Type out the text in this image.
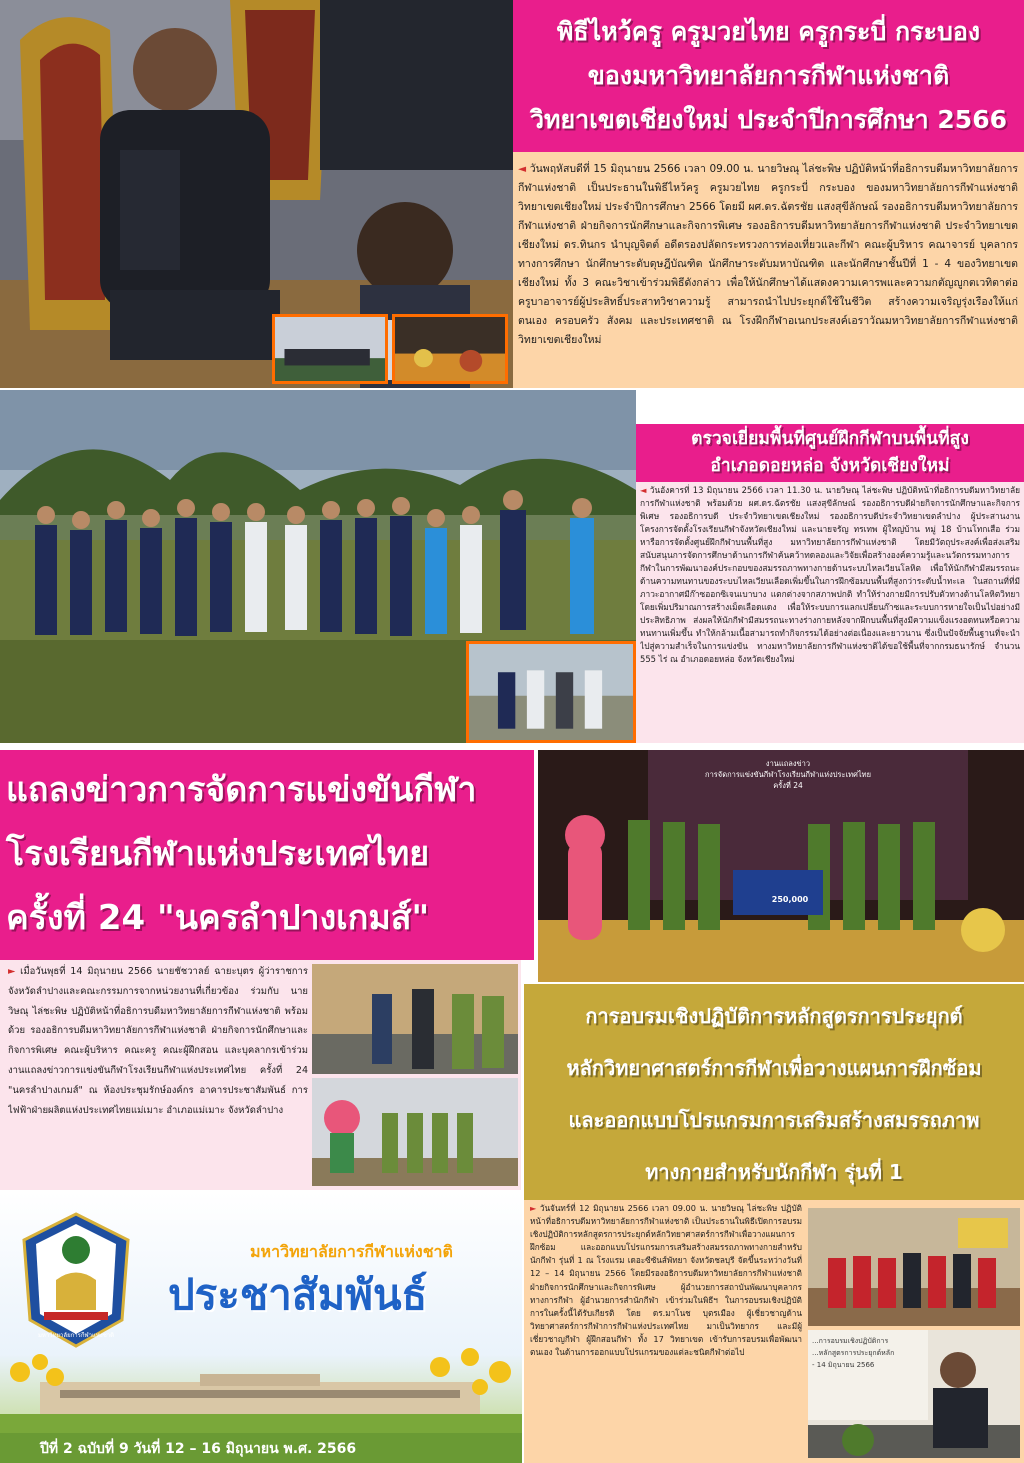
พิธีไหว้ครู ครูมวยไทย ครูกระบี่ กระบอง
ของมหาวิทยาลัยการกีฬาแห่งชาติ
วิทยาเขตเชียงใหม่ ประจำปีการศึกษา 2566
◄ วันพฤหัสบดีที่ 15 มิถุนายน 2566 เวลา 09.00 น. นายวิษณุ ไล่ชะพิษ ปฏิบัติหน้าที่อธิการบดีมหาวิทยาลัยการกีฬาแห่งชาติ เป็นประธานในพิธีไหว้ครู ครูมวยไทย ครูกระบี่ กระบอง ของมหาวิทยาลัยการกีฬาแห่งชาติ วิทยาเขตเชียงใหม่ ประจำปีการศึกษา 2566 โดยมี ผศ.ดร.ฉัตรชัย แสงสุขีลักษณ์ รองอธิการบดีมหาวิทยาลัยการกีฬาแห่งชาติ ฝ่ายกิจการนักศึกษาและกิจการพิเศษ รองอธิการบดีมหาวิทยาลัยการกีฬาแห่งชาติ ประจำวิทยาเขตเชียงใหม่ ดร.ทินกร นำบุญจิตต์ อดีตรองปลัดกระทรวงการท่องเที่ยวและกีฬา คณะผู้บริหาร คณาจารย์ บุคลากรทางการศึกษา นักศึกษาระดับดุษฎีบัณฑิต นักศึกษาระดับมหาบัณฑิต และนักศึกษาชั้นปีที่ 1 - 4 ของวิทยาเขตเชียงใหม่ ทั้ง 3 คณะวิชาเข้าร่วมพิธีดังกล่าว เพื่อให้นักศึกษาได้แสดงความเคารพและความกตัญญูกตเวทิตาต่อครูบาอาจารย์ผู้ประสิทธิ์ประสาทวิชาความรู้ สามารถนำไปประยุกต์ใช้ในชีวิต สร้างความเจริญรุ่งเรืองให้แก่ตนเอง ครอบครัว สังคม และประเทศชาติ ณ โรงฝึกกีฬาอเนกประสงค์เอราวัณมหาวิทยาลัยการกีฬาแห่งชาติ วิทยาเขตเชียงใหม่
ตรวจเยี่ยมพื้นที่ศูนย์ฝึกกีฬาบนพื้นที่สูง
อำเภอดอยหล่อ จังหวัดเชียงใหม่
◄ วันอังคารที่ 13 มิถุนายน 2566 เวลา 11.30 น. นายวิษณุ ไล่ชะพิษ ปฏิบัติหน้าที่อธิการบดีมหาวิทยาลัยการกีฬาแห่งชาติ พร้อมด้วย ผศ.ดร.ฉัตรชัย แสงสุขีลักษณ์ รองอธิการบดีฝ่ายกิจการนักศึกษาและกิจการพิเศษ รองอธิการบดี ประจำวิทยาเขตเชียงใหม่ รองอธิการบดีประจำวิทยาเขตลำปาง ผู้ประสานงานโครงการจัดตั้งโรงเรียนกีฬาจังหวัดเชียงใหม่ และนายจรัญ ทรเทพ ผู้ใหญ่บ้าน หมู่ 18 บ้านโทกเสือ ร่วมหารือการจัดตั้งศูนย์ฝึกกีฬาบนพื้นที่สูง มหาวิทยาลัยการกีฬาแห่งชาติ โดยมีวัตถุประสงค์เพื่อส่งเสริมสนับสนุนการจัดการศึกษาด้านการกีฬาค้นคว้าทดลองและวิจัยเพื่อสร้างองค์ความรู้และนวัตกรรมทางการกีฬาในการพัฒนาองค์ประกอบของสมรรถภาพทางกายด้านระบบไหลเวียนโลหิต เพื่อให้นักกีฬามีสมรรถนะด้านความทนทานของระบบไหลเวียนเลือดเพิ่มขึ้นในการฝึกซ้อมบนพื้นที่สูงกว่าระดับน้ำทะเล ในสถานที่ที่มีภาวะอากาศมีก๊าซออกซิเจนเบาบาง แตกต่างจากสภาพปกติ ทำให้ร่างกายมีการปรับตัวทางด้านโลหิตวิทยาโดยเพิ่มปริมาณการสร้างเม็ดเลือดแดง เพื่อให้ระบบการแลกเปลี่ยนก๊าซและระบบการหายใจเป็นไปอย่างมีประสิทธิภาพ ส่งผลให้นักกีฬามีสมรรถนะทางร่างกายหลังจากฝึกบนพื้นที่สูงมีความแข็งแรงอดทนหรือความทนทานเพิ่มขึ้น ทำให้กล้ามเนื้อสามารถทำกิจกรรมได้อย่างต่อเนื่องและยาวนาน ซึ่งเป็นปัจจัยพื้นฐานที่จะนำไปสู่ความสำเร็จในการแข่งขัน ทางมหาวิทยาลัยการกีฬาแห่งชาติได้ขอใช้พื้นที่จากกรมธนารักษ์ จำนวน 555 ไร่ ณ อำเภอดอยหล่อ จังหวัดเชียงใหม่
แถลงข่าวการจัดการแข่งขันกีฬา
โรงเรียนกีฬาแห่งประเทศไทย
ครั้งที่ 24 "นครลำปางเกมส์"
งานแถลงข่าว
การจัดการแข่งขันกีฬาโรงเรียนกีฬาแห่งประเทศไทย
ครั้งที่ 24
250,000
► เมื่อวันพุธที่ 14 มิถุนายน 2566 นายชัชวาลย์ ฉายะบุตร ผู้ว่าราชการจังหวัดลำปางและคณะกรรมการจากหน่วยงานที่เกี่ยวข้อง ร่วมกับ นายวิษณุ ไล่ชะพิษ ปฏิบัติหน้าที่อธิการบดีมหาวิทยาลัยการกีฬาแห่งชาติ พร้อมด้วย รองอธิการบดีมหาวิทยาลัยการกีฬาแห่งชาติ ฝ่ายกิจการนักศึกษาและกิจการพิเศษ คณะผู้บริหาร คณะครู คณะผู้ฝึกสอน และบุคลากรเข้าร่วมงานแถลงข่าวการแข่งขันกีฬาโรงเรียนกีฬาแห่งประเทศไทย ครั้งที่ 24 "นครลำปางเกมส์" ณ ห้องประชุมรักษ์องค์กร อาคารประชาสัมพันธ์ การไฟฟ้าฝ่ายผลิตแห่งประเทศไทยแม่เมาะ อำเภอแม่เมาะ จังหวัดลำปาง
การอบรมเชิงปฏิบัติการหลักสูตรการประยุกต์
หลักวิทยาศาสตร์การกีฬาเพื่อวางแผนการฝึกซ้อม
และออกแบบโปรแกรมการเสริมสร้างสมรรถภาพ
ทางกายสำหรับนักกีฬา รุ่นที่ 1
► วันจันทร์ที่ 12 มิถุนายน 2566 เวลา 09.00 น. นายวิษณุ ไล่ชะพิษ ปฏิบัติหน้าที่อธิการบดีมหาวิทยาลัยการกีฬาแห่งชาติ เป็นประธานในพิธีเปิดการอบรมเชิงปฏิบัติการหลักสูตรการประยุกต์หลักวิทยาศาสตร์การกีฬาเพื่อวางแผนการฝึกซ้อม และออกแบบโปรแกรมการเสริมสร้างสมรรถภาพทางกายสำหรับนักกีฬา รุ่นที่ 1 ณ โรงแรม เดอะซีซันส์พัทยา จังหวัดชลบุรี จัดขึ้นระหว่างวันที่ 12 – 14 มิถุนายน 2566 โดยมีรองอธิการบดีมหาวิทยาลัยการกีฬาแห่งชาติ ฝ่ายกิจการนักศึกษาและกิจการพิเศษ ผู้อำนวยการสถาบันพัฒนาบุคลากรทางการกีฬา ผู้อำนวยการสำนักกีฬา เข้าร่วมในพิธีฯ ในการอบรมเชิงปฏิบัติการในครั้งนี้ได้รับเกียรติ โดย ดร.มาโนช บุตรเมือง ผู้เชี่ยวชาญด้านวิทยาศาสตร์การกีฬาการกีฬาแห่งประเทศไทย มาเป็นวิทยากร และมีผู้เชี่ยวชาญกีฬา ผู้ฝึกสอนกีฬา ทั้ง 17 วิทยาเขต เข้ารับการอบรมเพื่อพัฒนาตนเอง ในด้านการออกแบบโปรแกรมของแต่ละชนิดกีฬาต่อไป
...การอบรมเชิงปฏิบัติการ
...หลักสูตรการประยุกต์หลัก
- 14 มิถุนายน 2566
มหาวิทยาลัยการกีฬาแห่งชาติ
มหาวิทยาลัยการกีฬาแห่งชาติ
ประชาสัมพันธ์
ปีที่ 2 ฉบับที่ 9 วันที่ 12 – 16 มิถุนายน พ.ศ. 2566
